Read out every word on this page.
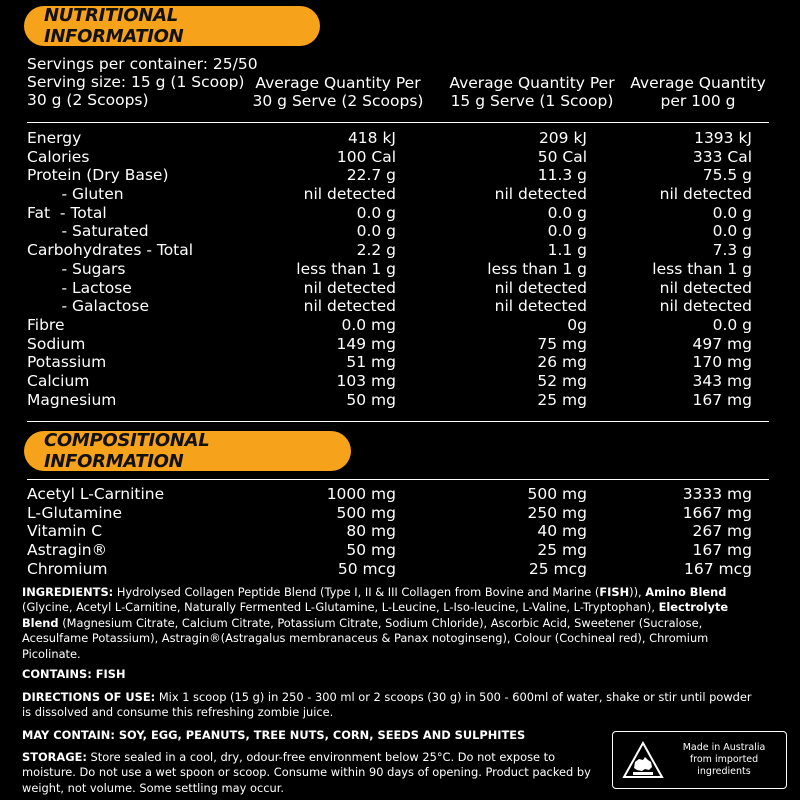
NUTRITIONAL INFORMATION
Servings per container: 25/50
Serving size: 15 g (1 Scoop)
30 g (2 Scoops)
Average Quantity Per
30 g Serve (2 Scoops)
Average Quantity Per
15 g Serve (1 Scoop)
Average Quantity
per 100 g
Energy	418 kJ	209 kJ	1393 kJ
Calories	100 Cal	50 Cal	333 Cal
Protein (Dry Base)	22.7 g	11.3 g	75.5 g
- Gluten	nil detected	nil detected	nil detected
Fat  - Total	0.0 g	0.0 g	0.0 g
- Saturated	0.0 g	0.0 g	0.0 g
Carbohydrates - Total	2.2 g	1.1 g	7.3 g
- Sugars	less than 1 g	less than 1 g	less than 1 g
- Lactose	nil detected	nil detected	nil detected
- Galactose	nil detected	nil detected	nil detected
Fibre	0.0 mg	0g	0.0 g
Sodium	149 mg	75 mg	497 mg
Potassium	51 mg	26 mg	170 mg
Calcium	103 mg	52 mg	343 mg
Magnesium	50 mg	25 mg	167 mg
COMPOSITIONAL INFORMATION
Acetyl L-Carnitine	1000 mg	500 mg	3333 mg
L-Glutamine	500 mg	250 mg	1667 mg
Vitamin C	80 mg	40 mg	267 mg
Astragin®	50 mg	25 mg	167 mg
Chromium	50 mcg	25 mcg	167 mcg
INGREDIENTS: Hydrolysed Collagen Peptide Blend (Type I, II & III Collagen from Bovine and Marine (FISH)), Amino Blend (Glycine, Acetyl L-Carnitine, Naturally Fermented L-Glutamine, L-Leucine, L-Iso-leucine, L-Valine, L-Tryptophan), Electrolyte Blend (Magnesium Citrate, Calcium Citrate, Potassium Citrate, Sodium Chloride), Ascorbic Acid, Sweetener (Sucralose, Acesulfame Potassium), Astragin®(Astragalus membranaceus & Panax notoginseng), Colour (Cochineal red), Chromium Picolinate.
CONTAINS: FISH
DIRECTIONS OF USE: Mix 1 scoop (15 g) in 250 - 300 ml or 2 scoops (30 g) in 500 - 600ml of water, shake or stir until powder is dissolved and consume this refreshing zombie juice.
MAY CONTAIN: SOY, EGG, PEANUTS, TREE NUTS, CORN, SEEDS AND SULPHITES
STORAGE: Store sealed in a cool, dry, odour-free environment below 25°C. Do not expose to moisture. Do not use a wet spoon or scoop. Consume within 90 days of opening. Product packed by weight, not volume. Some settling may occur.
Made in Australia
from imported
ingredients
